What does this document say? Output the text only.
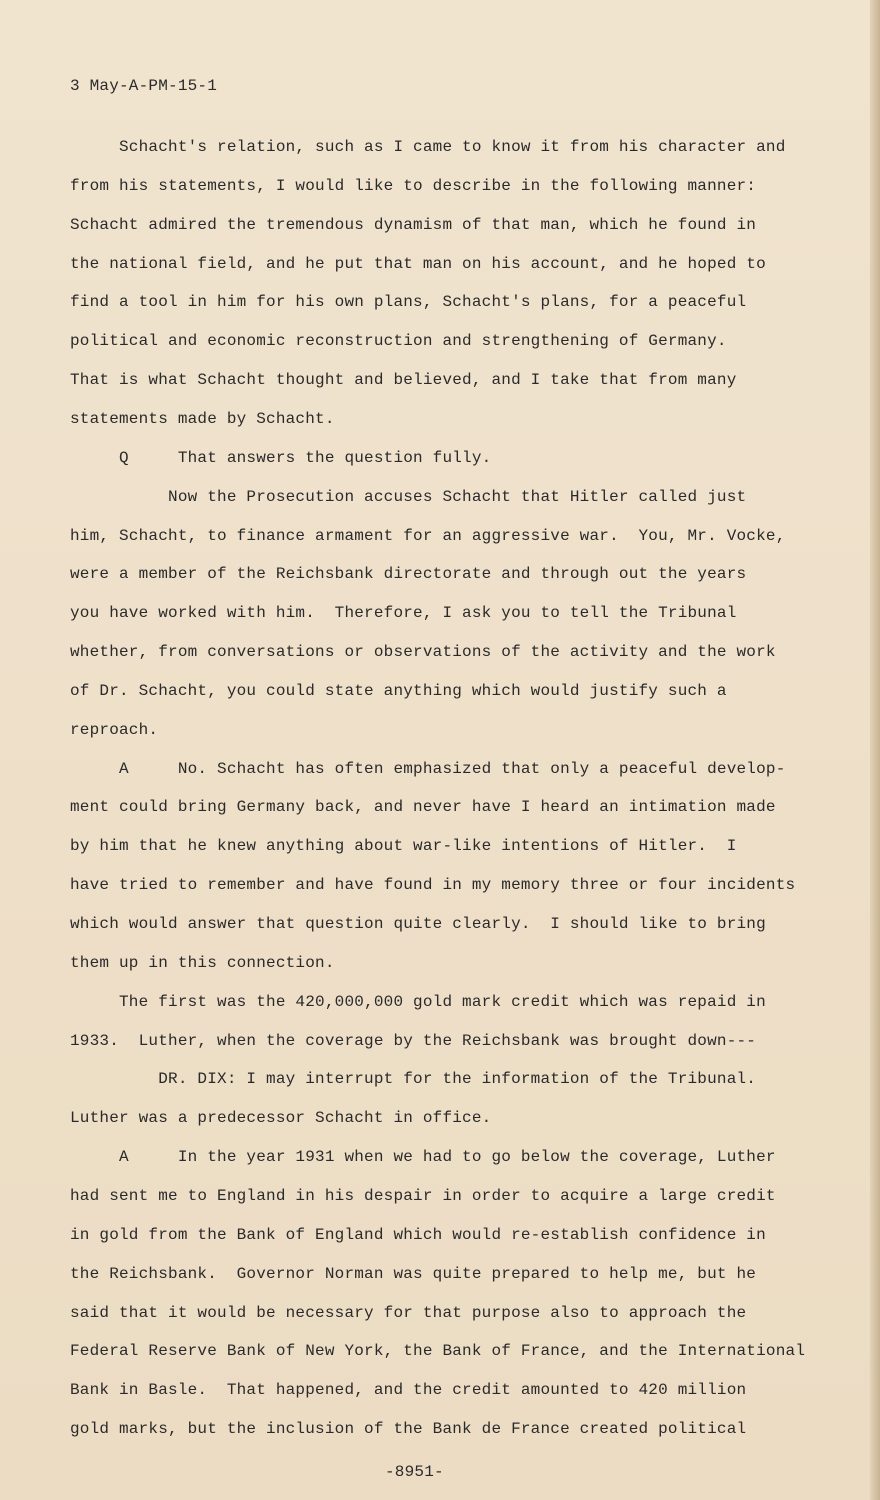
3 May-A-PM-15-1
Schacht's relation, such as I came to know it from his character and
from his statements, I would like to describe in the following manner:
Schacht admired the tremendous dynamism of that man, which he found in
the national field, and he put that man on his account, and he hoped to
find a tool in him for his own plans, Schacht's plans, for a peaceful
political and economic reconstruction and strengthening of Germany.
That is what Schacht thought and believed, and I take that from many
statements made by Schacht.
Q     That answers the question fully.
Now the Prosecution accuses Schacht that Hitler called just
him, Schacht, to finance armament for an aggressive war.  You, Mr. Vocke,
were a member of the Reichsbank directorate and through out the years
you have worked with him.  Therefore, I ask you to tell the Tribunal
whether, from conversations or observations of the activity and the work
of Dr. Schacht, you could state anything which would justify such a
reproach.
A     No. Schacht has often emphasized that only a peaceful develop-
ment could bring Germany back, and never have I heard an intimation made
by him that he knew anything about war-like intentions of Hitler.  I
have tried to remember and have found in my memory three or four incidents
which would answer that question quite clearly.  I should like to bring
them up in this connection.
The first was the 420,000,000 gold mark credit which was repaid in
1933.  Luther, when the coverage by the Reichsbank was brought down---
DR. DIX: I may interrupt for the information of the Tribunal.
Luther was a predecessor Schacht in office.
A     In the year 1931 when we had to go below the coverage, Luther
had sent me to England in his despair in order to acquire a large credit
in gold from the Bank of England which would re-establish confidence in
the Reichsbank.  Governor Norman was quite prepared to help me, but he
said that it would be necessary for that purpose also to approach the
Federal Reserve Bank of New York, the Bank of France, and the International
Bank in Basle.  That happened, and the credit amounted to 420 million
gold marks, but the inclusion of the Bank de France created political
-8951-
